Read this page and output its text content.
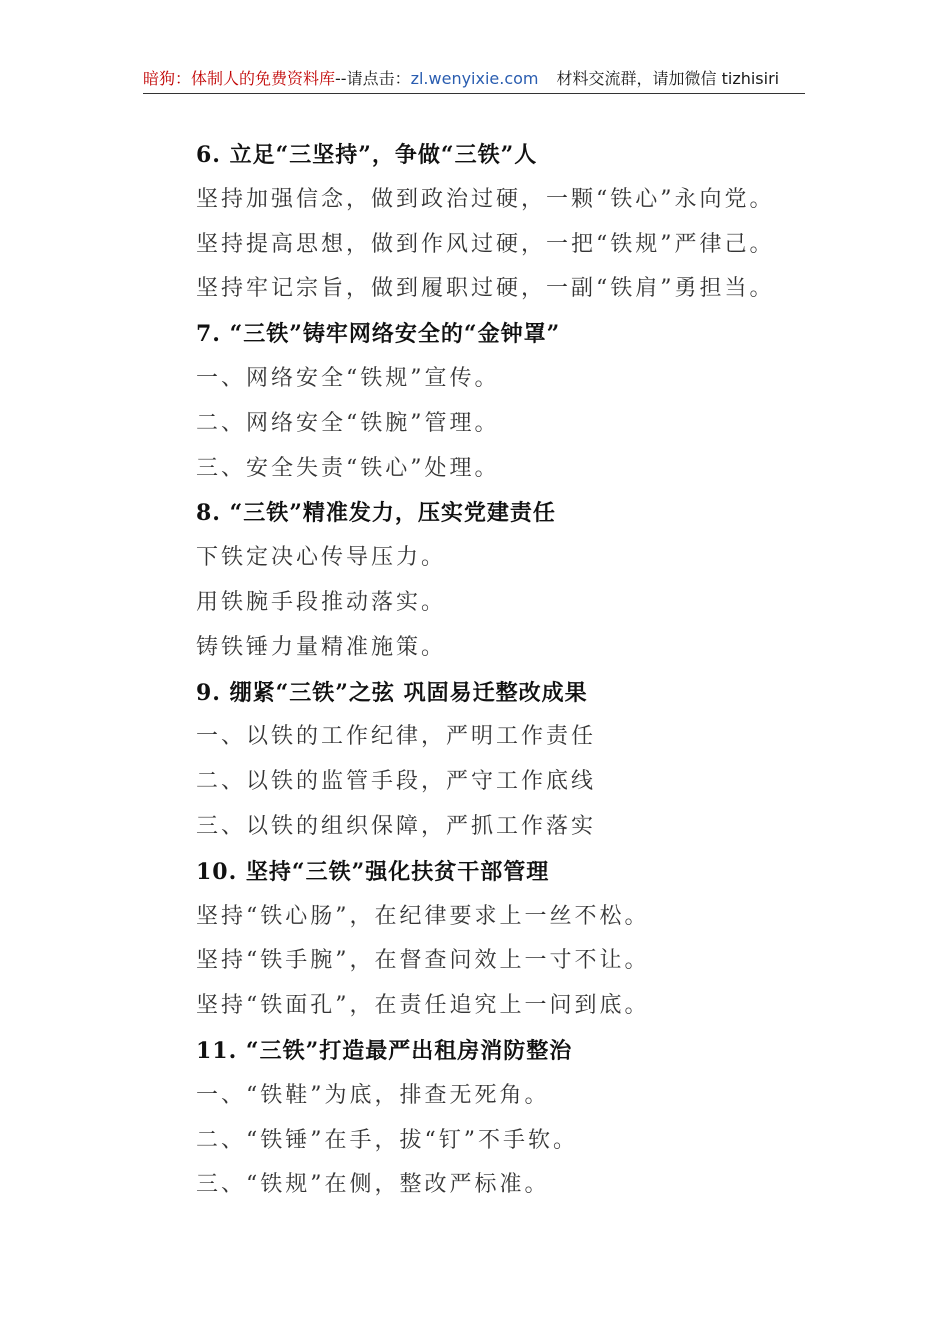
暗狗：体制人的免费资料库--请点击：zl.wenyixie.com 材料交流群，请加微信 tizhisiri
6. 立足“三坚持”，争做“三铁”人
坚持加强信念，做到政治过硬，一颗“铁心”永向党。
坚持提高思想，做到作风过硬，一把“铁规”严律己。
坚持牢记宗旨，做到履职过硬，一副“铁肩”勇担当。
7. “三铁”铸牢网络安全的“金钟罩”
一、网络安全“铁规”宣传。
二、网络安全“铁腕”管理。
三、安全失责“铁心”处理。
8. “三铁”精准发力，压实党建责任
下铁定决心传导压力。
用铁腕手段推动落实。
铸铁锤力量精准施策。
9. 绷紧“三铁”之弦 巩固易迁整改成果
一、以铁的工作纪律，严明工作责任
二、以铁的监管手段，严守工作底线
三、以铁的组织保障，严抓工作落实
10. 坚持“三铁”强化扶贫干部管理
坚持“铁心肠”，在纪律要求上一丝不松。
坚持“铁手腕”，在督查问效上一寸不让。
坚持“铁面孔”，在责任追究上一问到底。
11. “三铁”打造最严出租房消防整治
一、“铁鞋”为底，排查无死角。
二、“铁锤”在手，拔“钉”不手软。
三、“铁规”在侧，整改严标准。
